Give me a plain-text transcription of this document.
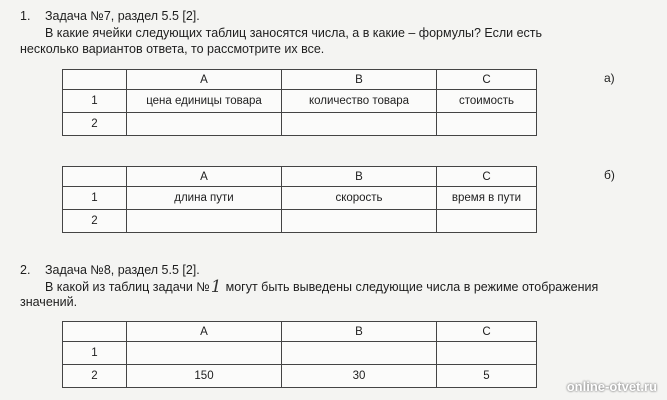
1. Задача №7, раздел 5.5 [2].
В какие ячейки следующих таблиц заносятся числа, а в какие – формулы? Если есть
несколько вариантов ответа, то рассмотрите их все.
	A	B	C
1	цена единицы товара	количество товара	стоимость
2			
а)
	A	B	C
1	длина пути	скорость	время в пути
2			
б)
2. Задача №8, раздел 5.5 [2].
В какой из таблиц задачи №1 могут быть выведены следующие числа в режиме отображения
значений.
	A	B	C
1			
2	150	30	5
online-otvet.ru
